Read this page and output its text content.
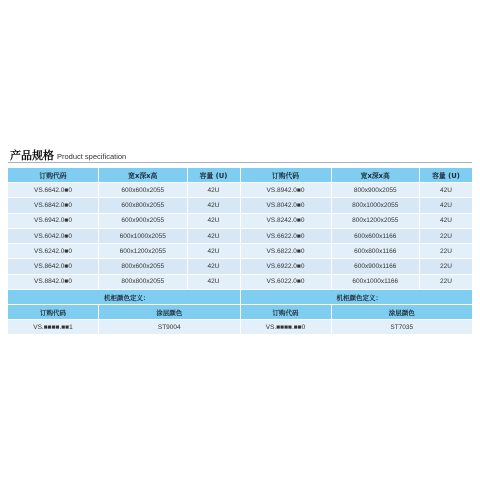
产品规格 Product specification
订购代码	宽x深x高	容量 (U)	订购代码	宽x深x高	容量 (U)
VS.6642.0■0	600x600x2055	42U	VS.8942.0■0	800x900x2055	42U
VS.6842.0■0	600x800x2055	42U	VS.8042.0■0	800x1000x2055	42U
VS.6942.0■0	600x900x2055	42U	VS.8242.0■0	800x1200x2055	42U
VS.6042.0■0	600x1000x2055	42U	VS.6622.0■0	600x600x1166	22U
VS.6242.0■0	600x1200x2055	42U	VS.6822.0■0	600x800x1166	22U
VS.8642.0■0	800x600x2055	42U	VS.6922.0■0	600x900x1166	22U
VS.8842.0■0	800x800x2055	42U	VS.6022.0■0	600x1000x1166	22U
机柜颜色定义：	机柜颜色定义：
订购代码	涂层颜色	订购代码	涂层颜色
VS.■■■■.■■1	ST9004	VS.■■■■.■■0	ST7035
